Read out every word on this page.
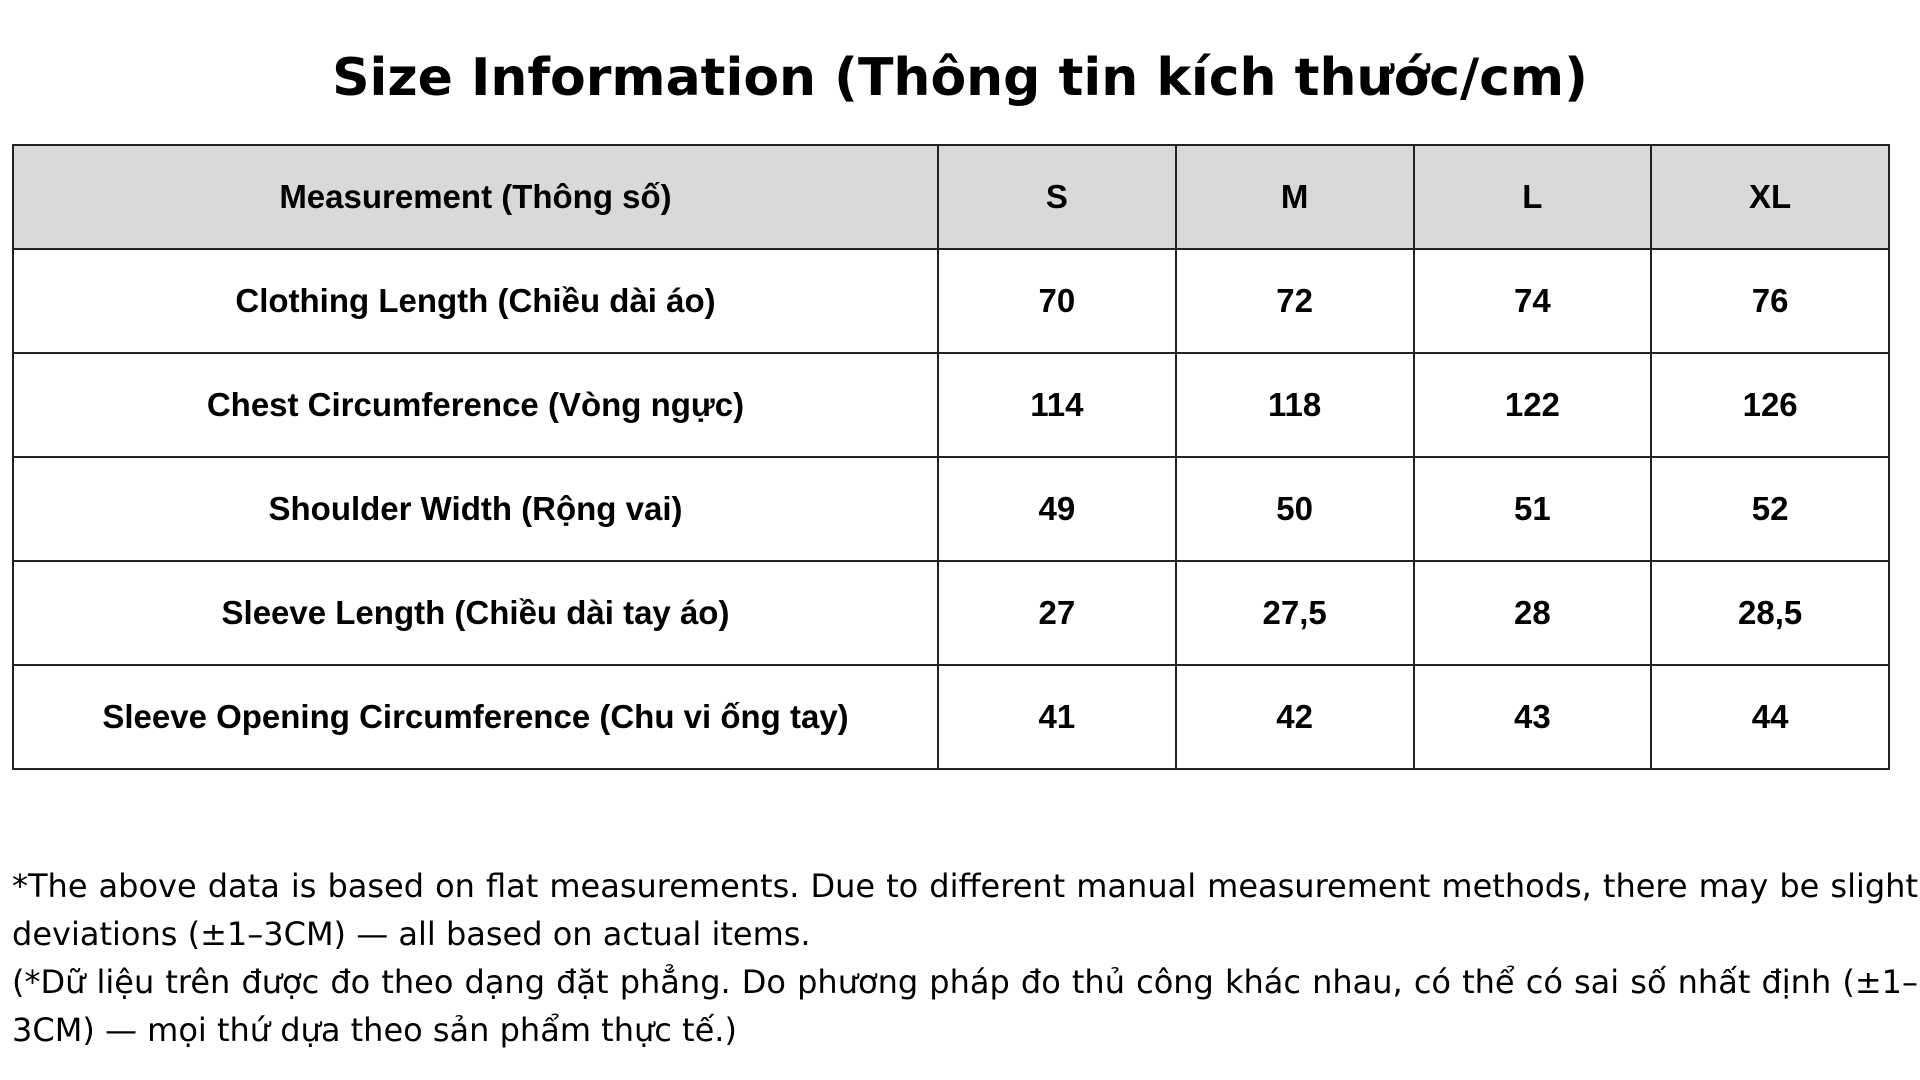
Size Information (Thông tin kích thước/cm)
Measurement (Thông số)	S	M	L	XL
Clothing Length (Chiều dài áo)	70	72	74	76
Chest Circumference (Vòng ngực)	114	118	122	126
Shoulder Width (Rộng vai)	49	50	51	52
Sleeve Length (Chiều dài tay áo)	27	27,5	28	28,5
Sleeve Opening Circumference (Chu vi ống tay)	41	42	43	44

*The above data is based on flat measurements. Due to different manual measurement methods, there may be slight deviations (±1–3CM) — all based on actual items.

(*Dữ liệu trên được đo theo dạng đặt phẳng. Do phương pháp đo thủ công khác nhau, có thể có sai số nhất định (±1–3CM) — mọi thứ dựa theo sản phẩm thực tế.)
